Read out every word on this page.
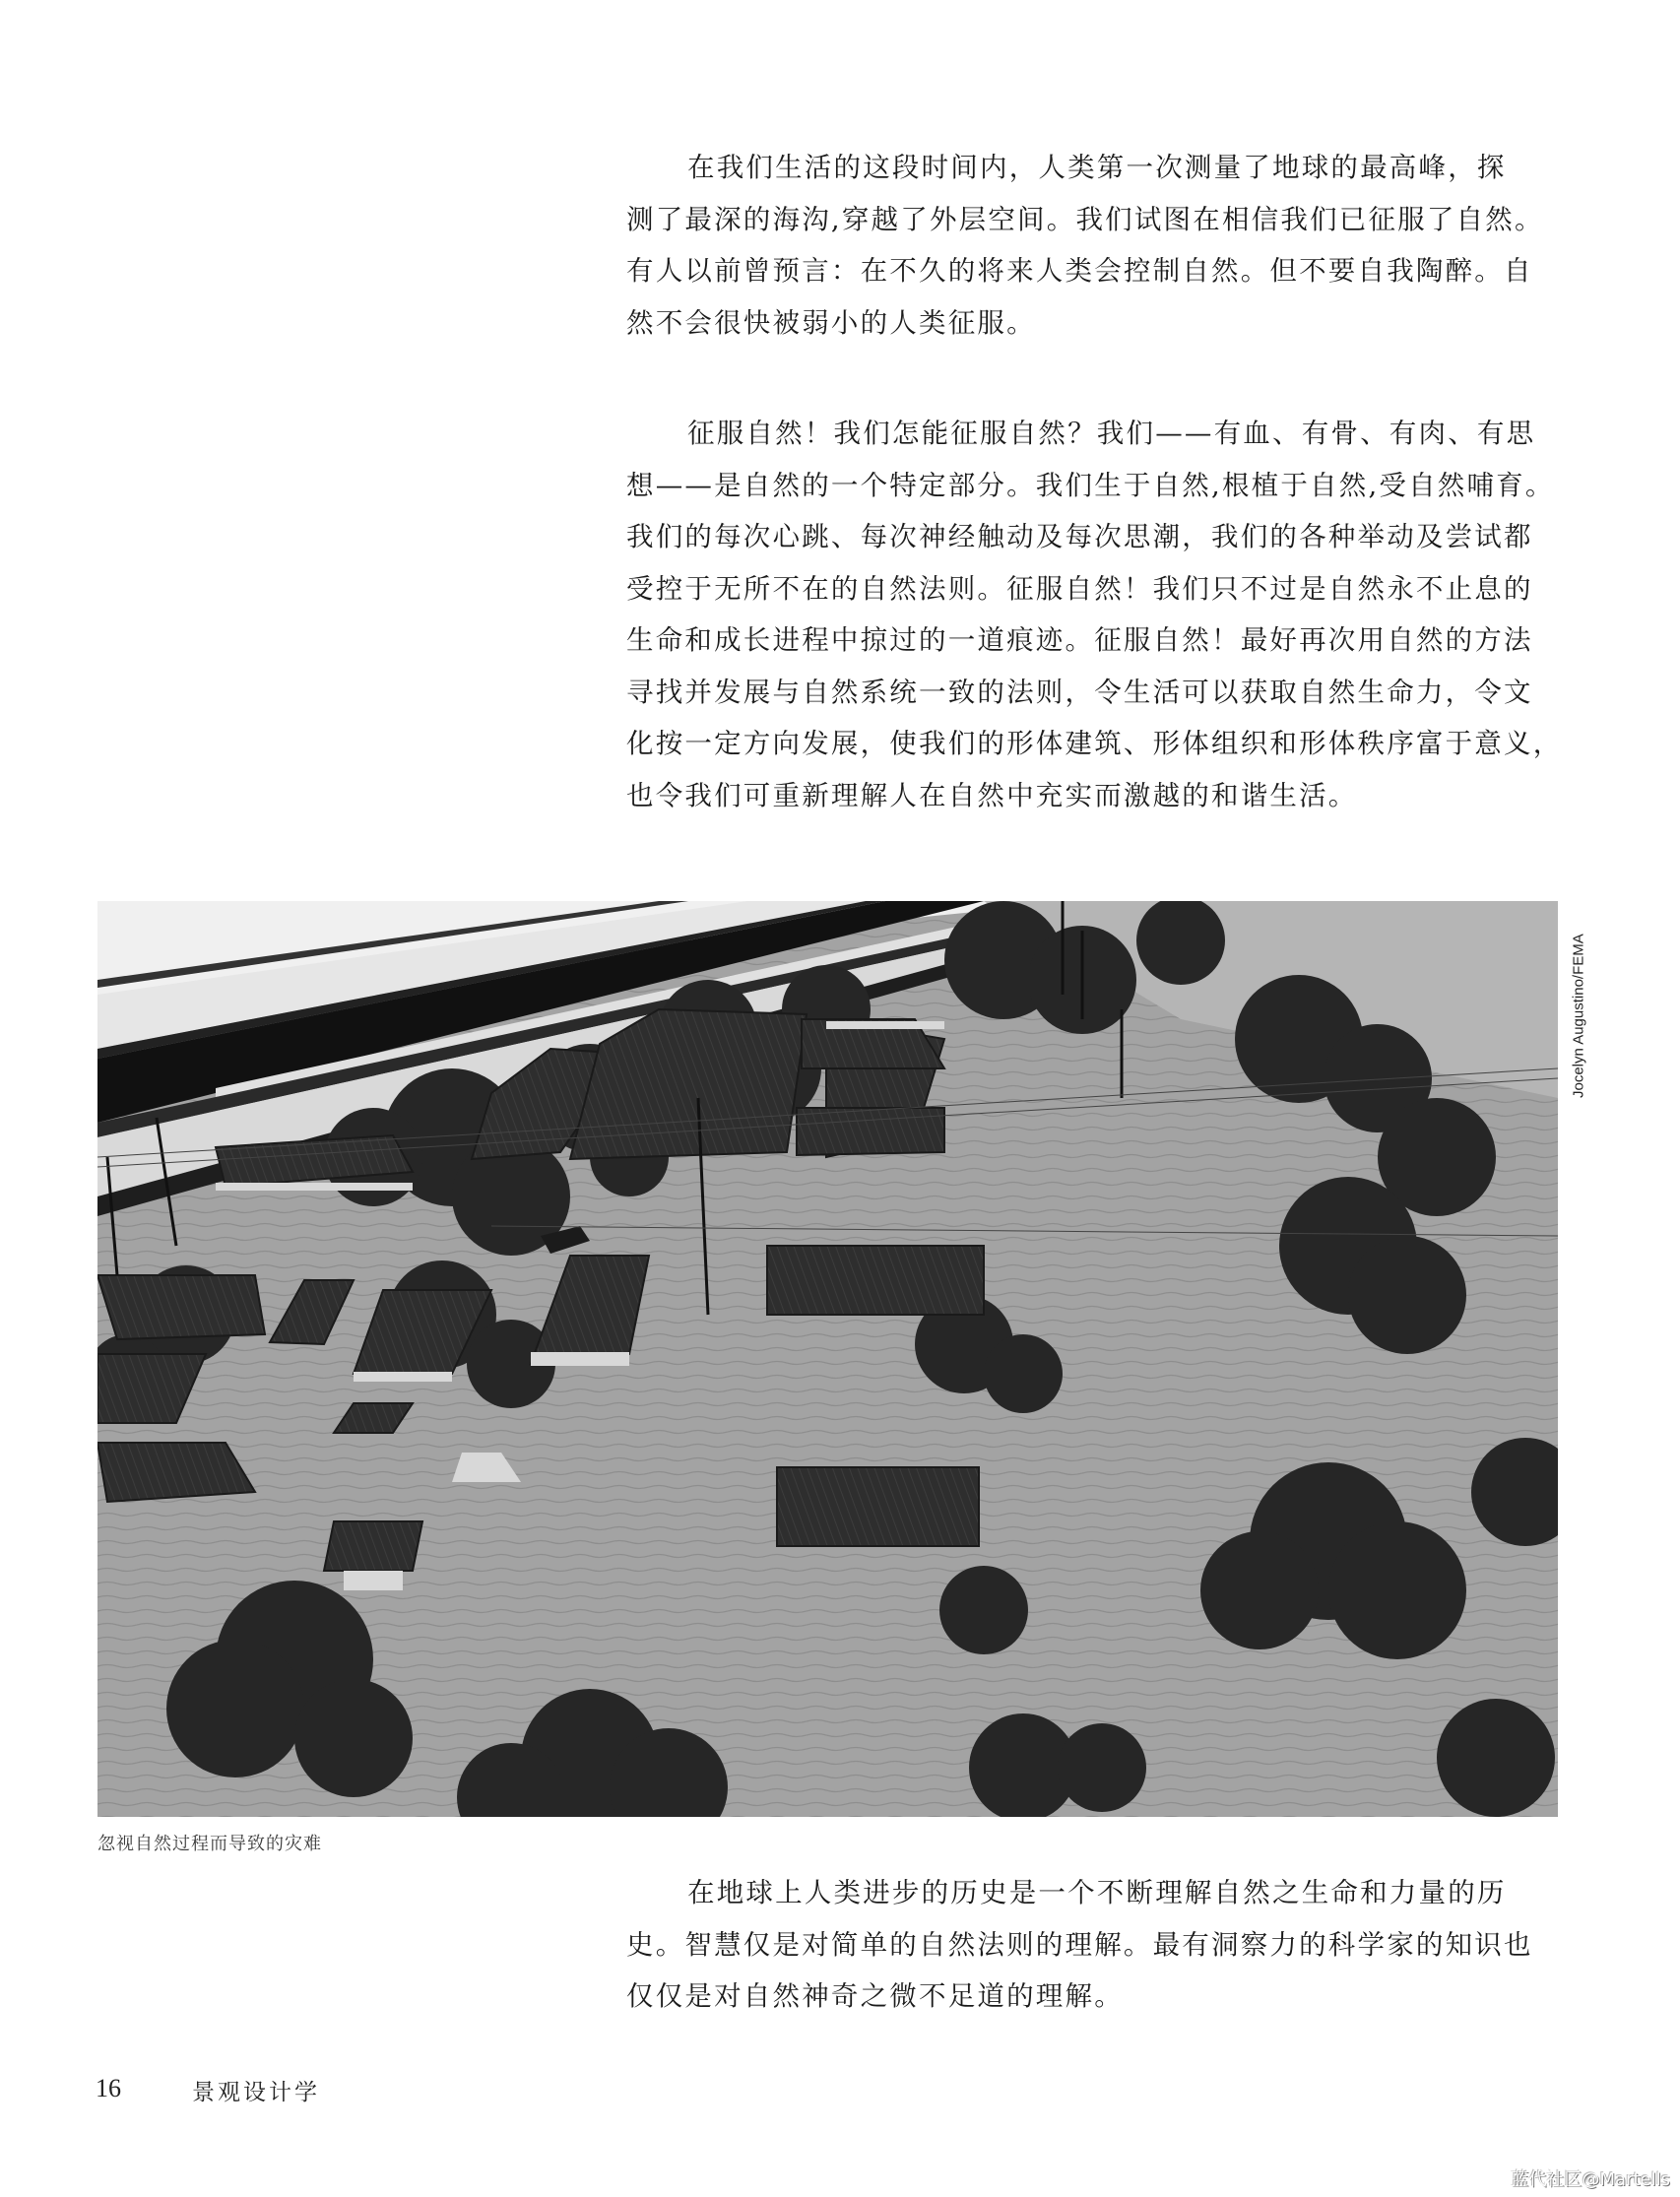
在我们生活的这段时间内，人类第一次测量了地球的最高峰，探
测了最深的海沟,穿越了外层空间。我们试图在相信我们已征服了自然。
有人以前曾预言：在不久的将来人类会控制自然。但不要自我陶醉。自
然不会很快被弱小的人类征服。
征服自然！我们怎能征服自然？我们——有血、有骨、有肉、有思
想——是自然的一个特定部分。我们生于自然,根植于自然,受自然哺育。
我们的每次心跳、每次神经触动及每次思潮，我们的各种举动及尝试都
受控于无所不在的自然法则。征服自然！我们只不过是自然永不止息的
生命和成长进程中掠过的一道痕迹。征服自然！最好再次用自然的方法
寻找并发展与自然系统一致的法则，令生活可以获取自然生命力，令文
化按一定方向发展，使我们的形体建筑、形体组织和形体秩序富于意义，
也令我们可重新理解人在自然中充实而激越的和谐生活。
Jocelyn Augustino/FEMA
忽视自然过程而导致的灾难
在地球上人类进步的历史是一个不断理解自然之生命和力量的历
史。智慧仅是对简单的自然法则的理解。最有洞察力的科学家的知识也
仅仅是对自然神奇之微不足道的理解。
16	景观设计学
蓝代社区@Martells
